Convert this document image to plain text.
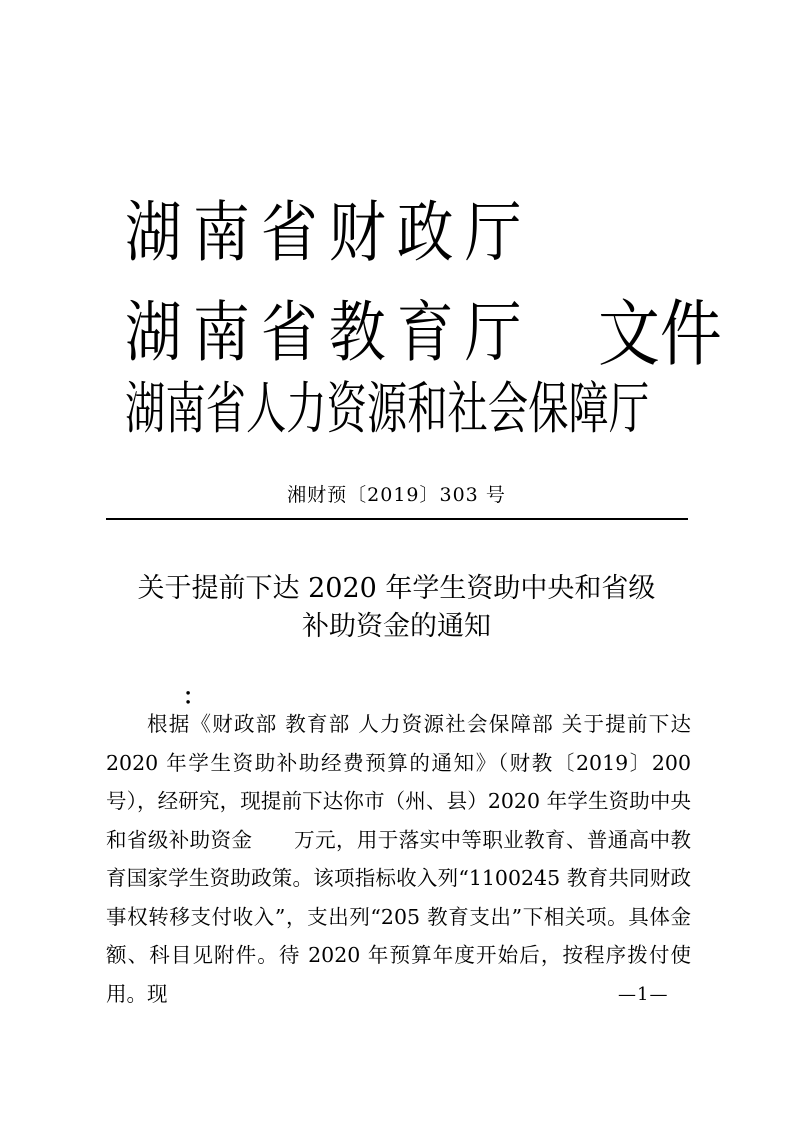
湖南省财政厅
湖南省教育厅
湖南省人力资源和社会保障厅
文件
湘财预〔2019〕303 号
关于提前下达 2020 年学生资助中央和省级
补助资金的通知
：

根据《财政部 教育部 人力资源社会保障部 关于提前下达 2020 年学生资助补助经费预算的通知》（财教〔2019〕200 号），经研究，现提前下达你市（州、县）2020 年学生资助中央和省级补助资金　　万元，用于落实中等职业教育、普通高中教育国家学生资助政策。该项指标收入列“1100245 教育共同财政事权转移支付收入”，支出列“205 教育支出”下相关项。具体金额、科目见附件。待 2020 年预算年度开始后，按程序拨付使用。现	—1—
